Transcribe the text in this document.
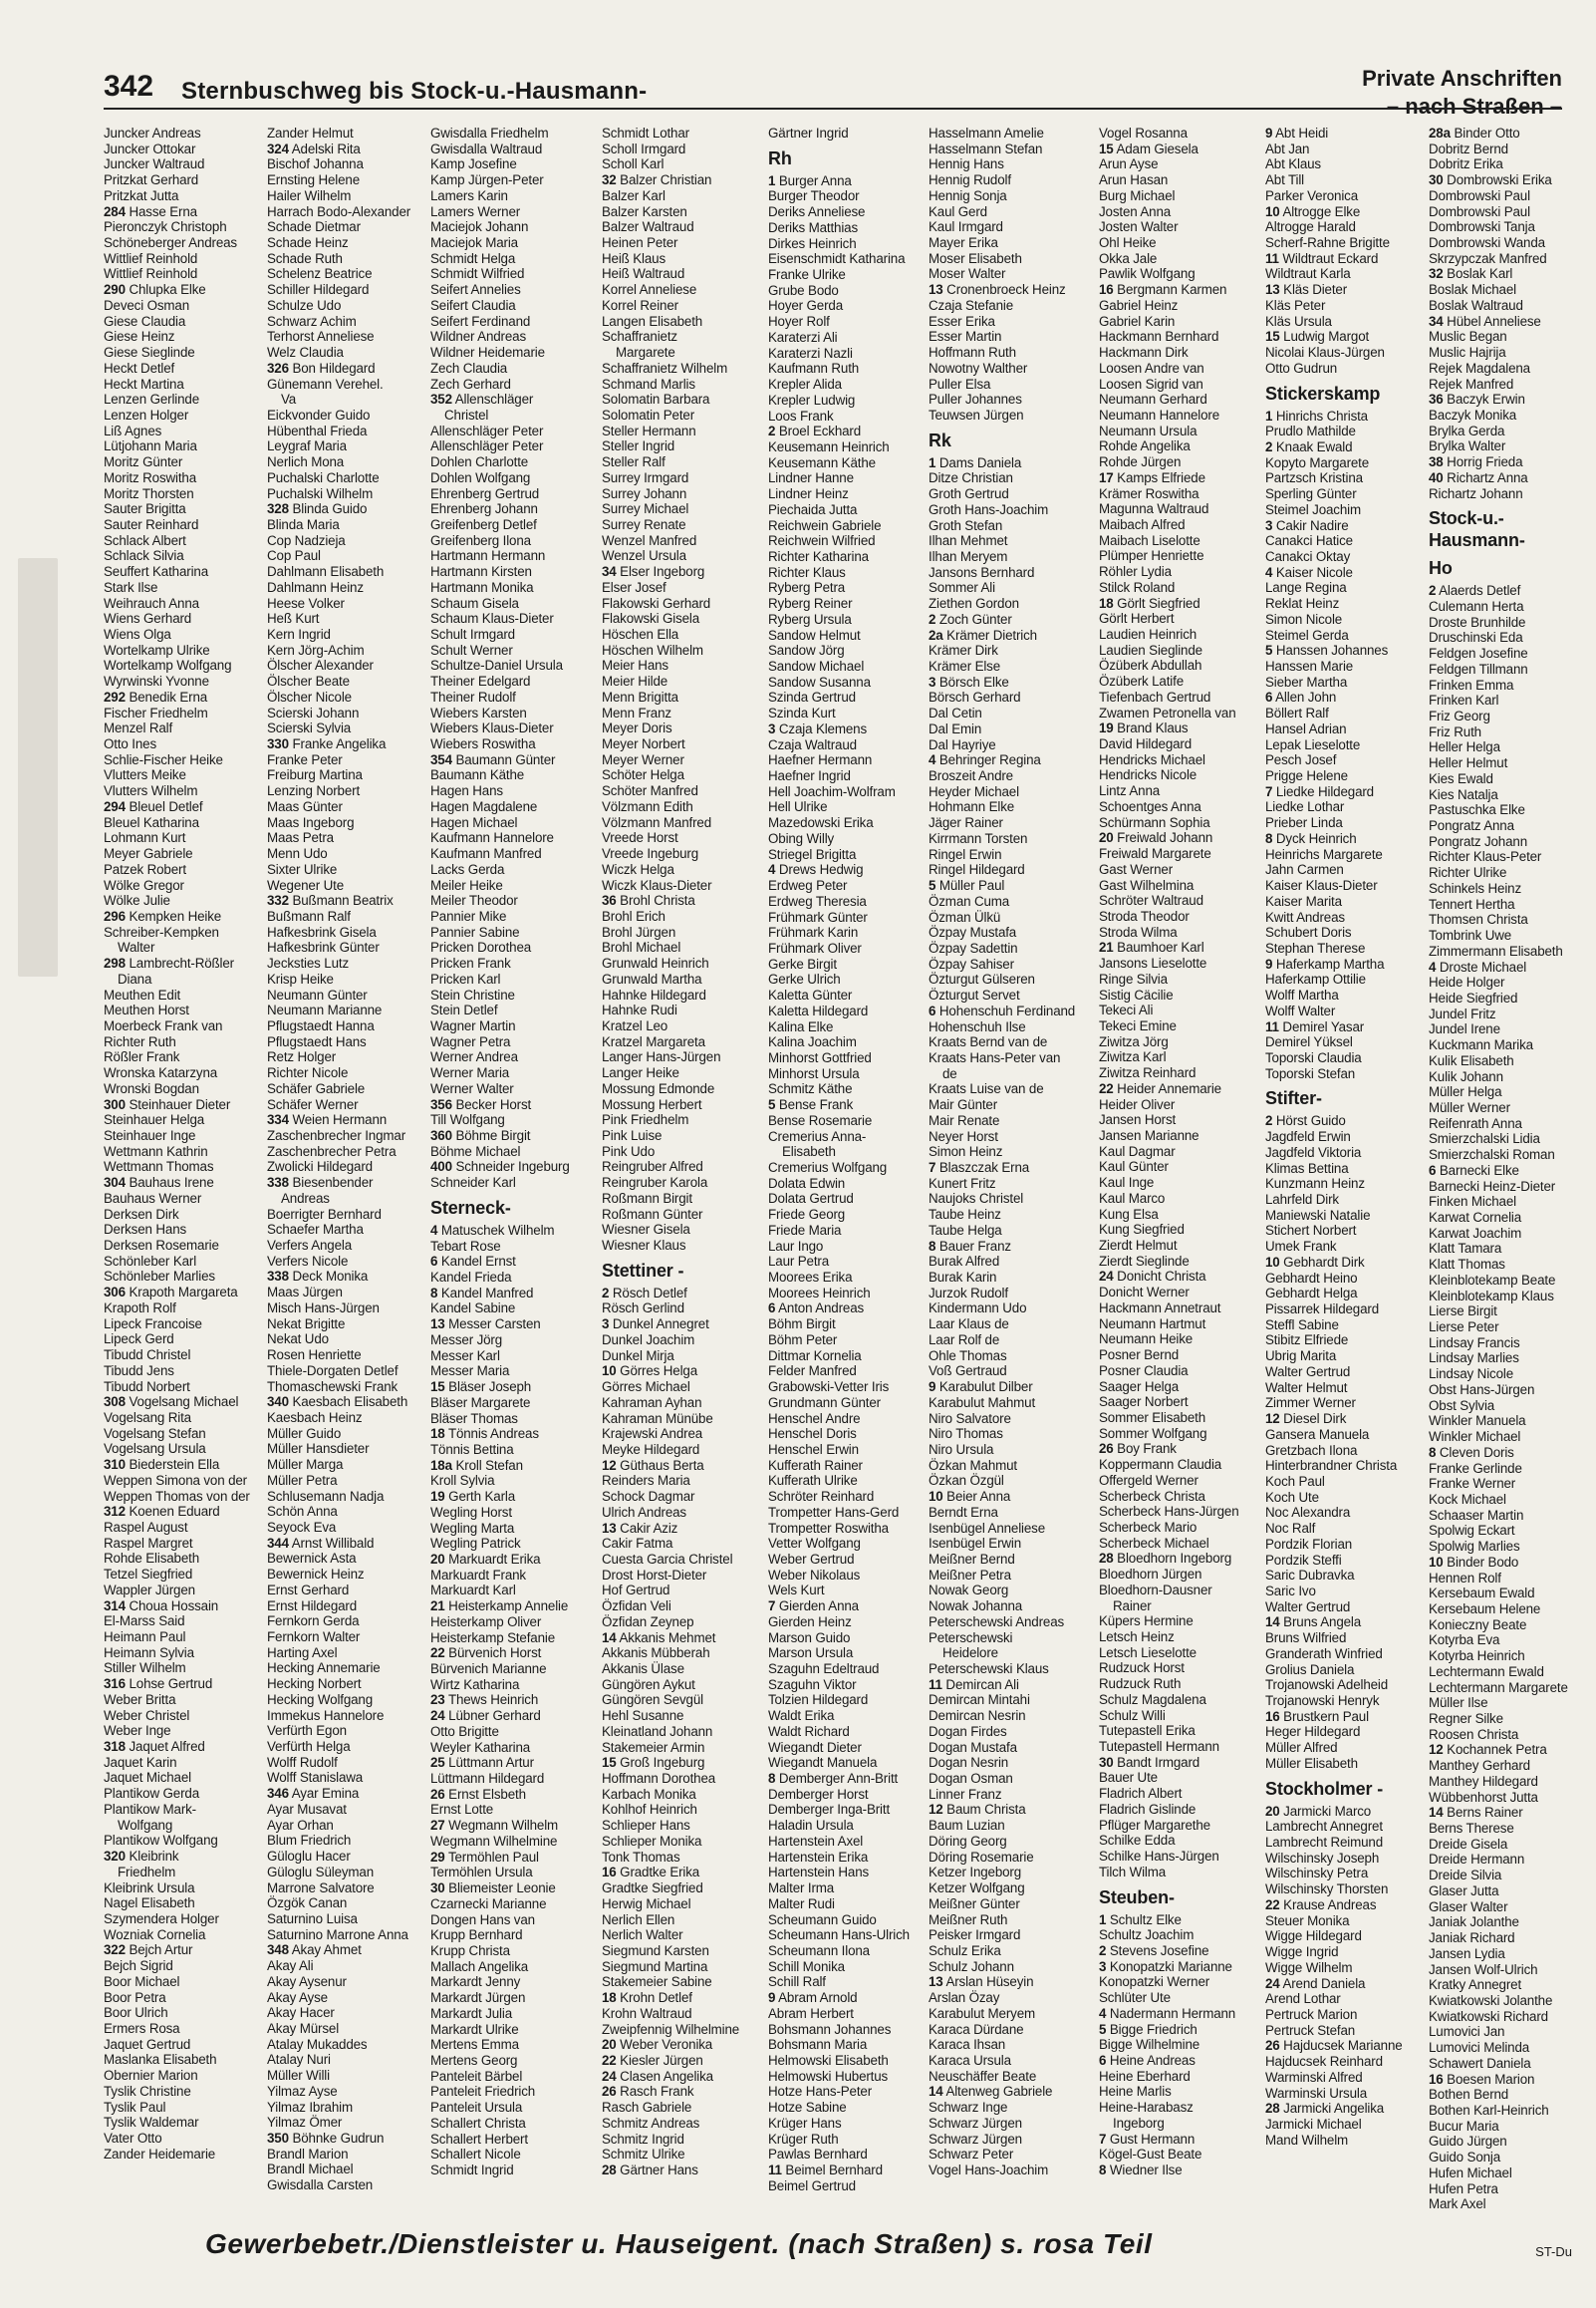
342 Sternbuschweg bis Stock-u.-Hausmann-	Private Anschriften
– nach Straßen –
Juncker Andreas
Juncker Ottokar
Juncker Waltraud
Pritzkat Gerhard
Pritzkat Jutta
284 Hasse Erna
Pieronczyk Christoph
Schöneberger Andreas
Wittlief Reinhold
Wittlief Reinhold
290 Chlupka Elke
Deveci Osman
Giese Claudia
Giese Heinz
Giese Sieglinde
Heckt Detlef
Heckt Martina
Lenzen Gerlinde
Lenzen Holger
Liß Agnes
Lütjohann Maria
Moritz Günter
Moritz Roswitha
Moritz Thorsten
Sauter Brigitta
Sauter Reinhard
Schlack Albert
Schlack Silvia
Seuffert Katharina
Stark Ilse
Weihrauch Anna
Wiens Gerhard
Wiens Olga
Wortelkamp Ulrike
Wortelkamp Wolfgang
Wyrwinski Yvonne
292 Benedik Erna
Fischer Friedhelm
Menzel Ralf
Otto Ines
Schlie-Fischer Heike
Vlutters Meike
Vlutters Wilhelm
294 Bleuel Detlef
Bleuel Katharina
Lohmann Kurt
Meyer Gabriele
Patzek Robert
Wölke Gregor
Wölke Julie
296 Kempken Heike
Schreiber-Kempken
Walter
298 Lambrecht-Rößler
Diana
Meuthen Edit
Meuthen Horst
Moerbeck Frank van
Richter Ruth
Rößler Frank
Wronska Katarzyna
Wronski Bogdan
300 Steinhauer Dieter
Steinhauer Helga
Steinhauer Inge
Wettmann Kathrin
Wettmann Thomas
304 Bauhaus Irene
Bauhaus Werner
Derksen Dirk
Derksen Hans
Derksen Rosemarie
Schönleber Karl
Schönleber Marlies
306 Krapoth Margareta
Krapoth Rolf
Lipeck Francoise
Lipeck Gerd
Tibudd Christel
Tibudd Jens
Tibudd Norbert
308 Vogelsang Michael
Vogelsang Rita
Vogelsang Stefan
Vogelsang Ursula
310 Biederstein Ella
Weppen Simona von der
Weppen Thomas von der
312 Koenen Eduard
Raspel August
Raspel Margret
Rohde Elisabeth
Tetzel Siegfried
Wappler Jürgen
314 Choua Hossain
El-Marss Said
Heimann Paul
Heimann Sylvia
Stiller Wilhelm
316 Lohse Gertrud
Weber Britta
Weber Christel
Weber Inge
318 Jaquet Alfred
Jaquet Karin
Jaquet Michael
Plantikow Gerda
Plantikow Mark-
Wolfgang
Plantikow Wolfgang
320 Kleibrink
Friedhelm
Kleibrink Ursula
Nagel Elisabeth
Szymendera Holger
Wozniak Cornelia
322 Bejch Artur
Bejch Sigrid
Boor Michael
Boor Petra
Boor Ulrich
Ermers Rosa
Jaquet Gertrud
Maslanka Elisabeth
Obernier Marion
Tyslik Christine
Tyslik Paul
Tyslik Waldemar
Vater Otto
Zander Heidemarie
Zander Helmut
324 Adelski Rita
Bischof Johanna
Ernsting Helene
Hailer Wilhelm
Harrach Bodo-Alexander
Schade Dietmar
Schade Heinz
Schade Ruth
Schelenz Beatrice
Schiller Hildegard
Schulze Udo
Schwarz Achim
Terhorst Anneliese
Welz Claudia
326 Bon Hildegard
Günemann Verehel.
Va
Eickvonder Guido
Hübenthal Frieda
Leygraf Maria
Nerlich Mona
Puchalski Charlotte
Puchalski Wilhelm
328 Blinda Guido
Blinda Maria
Cop Nadzieja
Cop Paul
Dahlmann Elisabeth
Dahlmann Heinz
Heese Volker
Heß Kurt
Kern Ingrid
Kern Jörg-Achim
Ölscher Alexander
Ölscher Beate
Ölscher Nicole
Scierski Johann
Scierski Sylvia
330 Franke Angelika
Franke Peter
Freiburg Martina
Lenzing Norbert
Maas Günter
Maas Ingeborg
Maas Petra
Menn Udo
Sixter Ulrike
Wegener Ute
332 Bußmann Beatrix
Bußmann Ralf
Hafkesbrink Gisela
Hafkesbrink Günter
Jecksties Lutz
Krisp Heike
Neumann Günter
Neumann Marianne
Pflugstaedt Hanna
Pflugstaedt Hans
Retz Holger
Richter Nicole
Schäfer Gabriele
Schäfer Werner
334 Weien Hermann
Zaschenbrecher Ingmar
Zaschenbrecher Petra
Zwolicki Hildegard
338 Biesenbender
Andreas
Boerrigter Bernhard
Schaefer Martha
Verfers Angela
Verfers Nicole
338 Deck Monika
Maas Jürgen
Misch Hans-Jürgen
Nekat Brigitte
Nekat Udo
Rosen Henriette
Thiele-Dorgaten Detlef
Thomaschewski Frank
340 Kaesbach Elisabeth
Kaesbach Heinz
Müller Guido
Müller Hansdieter
Müller Marga
Müller Petra
Schlusemann Nadja
Schön Anna
Seyock Eva
344 Arnst Willibald
Bewernick Asta
Bewernick Heinz
Ernst Gerhard
Ernst Hildegard
Fernkorn Gerda
Fernkorn Walter
Harting Axel
Hecking Annemarie
Hecking Norbert
Hecking Wolfgang
Immekus Hannelore
Verfürth Egon
Verfürth Helga
Wolff Rudolf
Wolff Stanislawa
346 Ayar Emina
Ayar Musavat
Ayar Orhan
Blum Friedrich
Güloglu Hacer
Güloglu Süleyman
Marrone Salvatore
Özgök Canan
Saturnino Luisa
Saturnino Marrone Anna
348 Akay Ahmet
Akay Ali
Akay Aysenur
Akay Ayse
Akay Hacer
Akay Mürsel
Atalay Mukaddes
Atalay Nuri
Müller Willi
Yilmaz Ayse
Yilmaz Ibrahim
Yilmaz Ömer
350 Böhnke Gudrun
Brandl Marion
Brandl Michael
Gwisdalla Carsten
Gwisdalla Friedhelm
Gwisdalla Waltraud
Kamp Josefine
Kamp Jürgen-Peter
Lamers Karin
Lamers Werner
Maciejok Johann
Maciejok Maria
Schmidt Helga
Schmidt Wilfried
Seifert Annelies
Seifert Claudia
Seifert Ferdinand
Wildner Andreas
Wildner Heidemarie
Zech Claudia
Zech Gerhard
352 Allenschläger
Christel
Allenschläger Peter
Allenschläger Peter
Dohlen Charlotte
Dohlen Wolfgang
Ehrenberg Gertrud
Ehrenberg Johann
Greifenberg Detlef
Greifenberg Ilona
Hartmann Hermann
Hartmann Kirsten
Hartmann Monika
Schaum Gisela
Schaum Klaus-Dieter
Schult Irmgard
Schult Werner
Schultze-Daniel Ursula
Theiner Edelgard
Theiner Rudolf
Wiebers Karsten
Wiebers Klaus-Dieter
Wiebers Roswitha
354 Baumann Günter
Baumann Käthe
Hagen Hans
Hagen Magdalene
Hagen Michael
Kaufmann Hannelore
Kaufmann Manfred
Lacks Gerda
Meiler Heike
Meiler Theodor
Pannier Mike
Pannier Sabine
Pricken Dorothea
Pricken Frank
Pricken Karl
Stein Christine
Stein Detlef
Wagner Martin
Wagner Petra
Werner Andrea
Werner Maria
Werner Walter
356 Becker Horst
Till Wolfgang
360 Böhme Birgit
Böhme Michael
400 Schneider Ingeburg
Schneider Karl
Sterneck-
4 Matuschek Wilhelm
Tebart Rose
6 Kandel Ernst
Kandel Frieda
8 Kandel Manfred
Kandel Sabine
13 Messer Carsten
Messer Jörg
Messer Karl
Messer Maria
15 Bläser Joseph
Bläser Margarete
Bläser Thomas
18 Tönnis Andreas
Tönnis Bettina
18a Kroll Stefan
Kroll Sylvia
19 Gerth Karla
Wegling Horst
Wegling Marta
Wegling Patrick
20 Markuardt Erika
Markuardt Frank
Markuardt Karl
21 Heisterkamp Annelie
Heisterkamp Oliver
Heisterkamp Stefanie
22 Bürvenich Horst
Bürvenich Marianne
Wirtz Katharina
23 Thews Heinrich
24 Lübner Gerhard
Otto Brigitte
Weyler Katharina
25 Lüttmann Artur
Lüttmann Hildegard
26 Ernst Elsbeth
Ernst Lotte
27 Wegmann Wilhelm
Wegmann Wilhelmine
29 Termöhlen Paul
Termöhlen Ursula
30 Bliemeister Leonie
Czarnecki Marianne
Dongen Hans van
Krupp Bernhard
Krupp Christa
Mallach Angelika
Markardt Jenny
Markardt Jürgen
Markardt Julia
Markardt Ulrike
Mertens Emma
Mertens Georg
Panteleit Bärbel
Panteleit Friedrich
Panteleit Ursula
Schallert Christa
Schallert Herbert
Schallert Nicole
Schmidt Ingrid
Schmidt Lothar
Scholl Irmgard
Scholl Karl
32 Balzer Christian
Balzer Karl
Balzer Karsten
Balzer Waltraud
Heinen Peter
Heiß Klaus
Heiß Waltraud
Korrel Anneliese
Korrel Reiner
Langen Elisabeth
Schaffranietz
Margarete
Schaffranietz Wilhelm
Schmand Marlis
Solomatin Barbara
Solomatin Peter
Steller Hermann
Steller Ingrid
Steller Ralf
Surrey Irmgard
Surrey Johann
Surrey Michael
Surrey Renate
Wenzel Manfred
Wenzel Ursula
34 Elser Ingeborg
Elser Josef
Flakowski Gerhard
Flakowski Gisela
Höschen Ella
Höschen Wilhelm
Meier Hans
Meier Hilde
Menn Brigitta
Menn Franz
Meyer Doris
Meyer Norbert
Meyer Werner
Schöter Helga
Schöter Manfred
Völzmann Edith
Völzmann Manfred
Vreede Horst
Vreede Ingeburg
Wiczk Helga
Wiczk Klaus-Dieter
36 Brohl Christa
Brohl Erich
Brohl Jürgen
Brohl Michael
Grunwald Heinrich
Grunwald Martha
Hahnke Hildegard
Hahnke Rudi
Kratzel Leo
Kratzel Margareta
Langer Hans-Jürgen
Langer Heike
Mossung Edmonde
Mossung Herbert
Pink Friedhelm
Pink Luise
Pink Udo
Reingruber Alfred
Reingruber Karola
Roßmann Birgit
Roßmann Günter
Wiesner Gisela
Wiesner Klaus
Stettiner -
2 Rösch Detlef
Rösch Gerlind
3 Dunkel Annegret
Dunkel Joachim
Dunkel Mirja
10 Görres Helga
Görres Michael
Kahraman Ayhan
Kahraman Münübe
Krajewski Andrea
Meyke Hildegard
12 Güthaus Berta
Reinders Maria
Schock Dagmar
Ulrich Andreas
13 Cakir Aziz
Cakir Fatma
Cuesta Garcia Christel
Drost Horst-Dieter
Hof Gertrud
Özfidan Veli
Özfidan Zeynep
14 Akkanis Mehmet
Akkanis Mübberah
Akkanis Ülase
Güngören Aykut
Güngören Sevgül
Hehl Susanne
Kleinatland Johann
Stakemeier Armin
15 Groß Ingeburg
Hoffmann Dorothea
Karbach Monika
Kohlhof Heinrich
Schlieper Hans
Schlieper Monika
Tonk Thomas
16 Gradtke Erika
Gradtke Siegfried
Herwig Michael
Nerlich Ellen
Nerlich Walter
Siegmund Karsten
Siegmund Martina
Stakemeier Sabine
18 Krohn Detlef
Krohn Waltraud
Zweipfennig Wilhelmine
20 Weber Veronika
22 Kiesler Jürgen
24 Clasen Angelika
26 Rasch Frank
Rasch Gabriele
Schmitz Andreas
Schmitz Ingrid
Schmitz Ulrike
28 Gärtner Hans
Gärtner Ingrid
Rh
1 Burger Anna
Burger Theodor
Deriks Anneliese
Deriks Matthias
Dirkes Heinrich
Eisenschmidt Katharina
Franke Ulrike
Grube Bodo
Hoyer Gerda
Hoyer Rolf
Karaterzi Ali
Karaterzi Nazli
Kaufmann Ruth
Krepler Alida
Krepler Ludwig
Loos Frank
2 Broel Eckhard
Keusemann Heinrich
Keusemann Käthe
Lindner Hanne
Lindner Heinz
Piechaida Jutta
Reichwein Gabriele
Reichwein Wilfried
Richter Katharina
Richter Klaus
Ryberg Petra
Ryberg Reiner
Ryberg Ursula
Sandow Helmut
Sandow Jörg
Sandow Michael
Sandow Susanna
Szinda Gertrud
Szinda Kurt
3 Czaja Klemens
Czaja Waltraud
Haefner Hermann
Haefner Ingrid
Hell Joachim-Wolfram
Hell Ulrike
Mazedowski Erika
Obing Willy
Striegel Brigitta
4 Drews Hedwig
Erdweg Peter
Erdweg Theresia
Frühmark Günter
Frühmark Karin
Frühmark Oliver
Gerke Birgit
Gerke Ulrich
Kaletta Günter
Kaletta Hildegard
Kalina Elke
Kalina Joachim
Minhorst Gottfried
Minhorst Ursula
Schmitz Käthe
5 Bense Frank
Bense Rosemarie
Cremerius Anna-
Elisabeth
Cremerius Wolfgang
Dolata Edwin
Dolata Gertrud
Friede Georg
Friede Maria
Laur Ingo
Laur Petra
Moorees Erika
Moorees Heinrich
6 Anton Andreas
Böhm Birgit
Böhm Peter
Dittmar Kornelia
Felder Manfred
Grabowski-Vetter Iris
Grundmann Günter
Henschel Andre
Henschel Doris
Henschel Erwin
Kufferath Rainer
Kufferath Ulrike
Schröter Reinhard
Trompetter Hans-Gerd
Trompetter Roswitha
Vetter Wolfgang
Weber Gertrud
Weber Nikolaus
Wels Kurt
7 Gierden Anna
Gierden Heinz
Marson Guido
Marson Ursula
Szaguhn Edeltraud
Szaguhn Viktor
Tolzien Hildegard
Waldt Erika
Waldt Richard
Wiegandt Dieter
Wiegandt Manuela
8 Demberger Ann-Britt
Demberger Horst
Demberger Inga-Britt
Haladin Ursula
Hartenstein Axel
Hartenstein Erika
Hartenstein Hans
Malter Irma
Malter Rudi
Scheumann Guido
Scheumann Hans-Ulrich
Scheumann Ilona
Schill Monika
Schill Ralf
9 Abram Arnold
Abram Herbert
Bohsmann Johannes
Bohsmann Maria
Helmowski Elisabeth
Helmowski Hubertus
Hotze Hans-Peter
Hotze Sabine
Krüger Hans
Krüger Ruth
Pawlas Bernhard
11 Beimel Bernhard
Beimel Gertrud
Hasselmann Amelie
Hasselmann Stefan
Hennig Hans
Hennig Rudolf
Hennig Sonja
Kaul Gerd
Kaul Irmgard
Mayer Erika
Moser Elisabeth
Moser Walter
13 Cronenbroeck Heinz
Czaja Stefanie
Esser Erika
Esser Martin
Hoffmann Ruth
Nowotny Walther
Puller Elsa
Puller Johannes
Teuwsen Jürgen
Rk
1 Dams Daniela
Ditze Christian
Groth Gertrud
Groth Hans-Joachim
Groth Stefan
Ilhan Mehmet
Ilhan Meryem
Jansons Bernhard
Sommer Ali
Ziethen Gordon
2 Zoch Günter
2a Krämer Dietrich
Krämer Dirk
Krämer Else
3 Börsch Elke
Börsch Gerhard
Dal Cetin
Dal Emin
Dal Hayriye
4 Behringer Regina
Broszeit Andre
Heyder Michael
Hohmann Elke
Jäger Rainer
Kirrmann Torsten
Ringel Erwin
Ringel Hildegard
5 Müller Paul
Özman Cuma
Özman Ülkü
Özpay Mustafa
Özpay Sadettin
Özpay Sahiser
Özturgut Gülseren
Özturgut Servet
6 Hohenschuh Ferdinand
Hohenschuh Ilse
Kraats Bernd van de
Kraats Hans-Peter van
de
Kraats Luise van de
Mair Günter
Mair Renate
Neyer Horst
Simon Heinz
7 Blaszczak Erna
Kunert Fritz
Naujoks Christel
Taube Heinz
Taube Helga
8 Bauer Franz
Burak Alfred
Burak Karin
Jurzok Rudolf
Kindermann Udo
Laar Klaus de
Laar Rolf de
Ohle Thomas
Voß Gertraud
9 Karabulut Dilber
Karabulut Mahmut
Niro Salvatore
Niro Thomas
Niro Ursula
Özkan Mahmut
Özkan Özgül
10 Beier Anna
Berndt Erna
Isenbügel Anneliese
Isenbügel Erwin
Meißner Bernd
Meißner Petra
Nowak Georg
Nowak Johanna
Peterschewski Andreas
Peterschewski
Heidelore
Peterschewski Klaus
11 Demircan Ali
Demircan Mintahi
Demircan Nesrin
Dogan Firdes
Dogan Mustafa
Dogan Nesrin
Dogan Osman
Linner Franz
12 Baum Christa
Baum Luzian
Döring Georg
Döring Rosemarie
Ketzer Ingeborg
Ketzer Wolfgang
Meißner Günter
Meißner Ruth
Peisker Irmgard
Schulz Erika
Schulz Johann
13 Arslan Hüseyin
Arslan Özay
Karabulut Meryem
Karaca Dürdane
Karaca Ihsan
Karaca Ursula
Neuschäffer Beate
14 Altenweg Gabriele
Schwarz Inge
Schwarz Jürgen
Schwarz Jürgen
Schwarz Peter
Vogel Hans-Joachim
Vogel Rosanna
15 Adam Giesela
Arun Ayse
Arun Hasan
Burg Michael
Josten Anna
Josten Walter
Ohl Heike
Okka Jale
Pawlik Wolfgang
16 Bergmann Karmen
Gabriel Heinz
Gabriel Karin
Hackmann Bernhard
Hackmann Dirk
Loosen Andre van
Loosen Sigrid van
Neumann Gerhard
Neumann Hannelore
Neumann Ursula
Rohde Angelika
Rohde Jürgen
17 Kamps Elfriede
Krämer Roswitha
Magunna Waltraud
Maibach Alfred
Maibach Liselotte
Plümper Henriette
Röhler Lydia
Stilck Roland
18 Görlt Siegfried
Görlt Herbert
Laudien Heinrich
Laudien Sieglinde
Özüberk Abdullah
Özüberk Latife
Tiefenbach Gertrud
Zwamen Petronella van
19 Brand Klaus
David Hildegard
Hendricks Michael
Hendricks Nicole
Lintz Anna
Schoentges Anna
Schürmann Sophia
20 Freiwald Johann
Freiwald Margarete
Gast Werner
Gast Wilhelmina
Schröter Waltraud
Stroda Theodor
Stroda Wilma
21 Baumhoer Karl
Jansons Lieselotte
Ringe Silvia
Sistig Cäcilie
Tekeci Ali
Tekeci Emine
Ziwitza Jörg
Ziwitza Karl
Ziwitza Reinhard
22 Heider Annemarie
Heider Oliver
Jansen Horst
Jansen Marianne
Kaul Dagmar
Kaul Günter
Kaul Inge
Kaul Marco
Kung Elsa
Kung Siegfried
Zierdt Helmut
Zierdt Sieglinde
24 Donicht Christa
Donicht Werner
Hackmann Annetraut
Neumann Hartmut
Neumann Heike
Posner Bernd
Posner Claudia
Saager Helga
Saager Norbert
Sommer Elisabeth
Sommer Wolfgang
26 Boy Frank
Koppermann Claudia
Offergeld Werner
Scherbeck Christa
Scherbeck Hans-Jürgen
Scherbeck Mario
Scherbeck Michael
28 Bloedhorn Ingeborg
Bloedhorn Jürgen
Bloedhorn-Dausner
Rainer
Küpers Hermine
Letsch Heinz
Letsch Lieselotte
Rudzuck Horst
Rudzuck Ruth
Schulz Magdalena
Schulz Willi
Tutepastell Erika
Tutepastell Hermann
30 Bandt Irmgard
Bauer Ute
Fladrich Albert
Fladrich Gislinde
Pflüger Margarethe
Schilke Edda
Schilke Hans-Jürgen
Tilch Wilma
Steuben-
1 Schultz Elke
Schultz Joachim
2 Stevens Josefine
3 Konopatzki Marianne
Konopatzki Werner
Schlüter Ute
4 Nadermann Hermann
5 Bigge Friedrich
Bigge Wilhelmine
6 Heine Andreas
Heine Eberhard
Heine Marlis
Heine-Harabasz
Ingeborg
7 Gust Hermann
Kögel-Gust Beate
8 Wiedner Ilse
9 Abt Heidi
Abt Jan
Abt Klaus
Abt Till
Parker Veronica
10 Altrogge Elke
Altrogge Harald
Scherf-Rahne Brigitte
11 Wildtraut Eckard
Wildtraut Karla
13 Kläs Dieter
Kläs Peter
Kläs Ursula
15 Ludwig Margot
Nicolai Klaus-Jürgen
Otto Gudrun
Stickerskamp
1 Hinrichs Christa
Prudlo Mathilde
2 Knaak Ewald
Kopyto Margarete
Partzsch Kristina
Sperling Günter
Steimel Joachim
3 Cakir Nadire
Canakci Hatice
Canakci Oktay
4 Kaiser Nicole
Lange Regina
Reklat Heinz
Simon Nicole
Steimel Gerda
5 Hanssen Johannes
Hanssen Marie
Sieber Martha
6 Allen John
Böllert Ralf
Hansel Adrian
Lepak Lieselotte
Pesch Josef
Prigge Helene
7 Liedke Hildegard
Liedke Lothar
Prieber Linda
8 Dyck Heinrich
Heinrichs Margarete
Jahn Carmen
Kaiser Klaus-Dieter
Kaiser Marita
Kwitt Andreas
Schubert Doris
Stephan Therese
9 Haferkamp Martha
Haferkamp Ottilie
Wolff Martha
Wolff Walter
11 Demirel Yasar
Demirel Yüksel
Toporski Claudia
Toporski Stefan
Stifter-
2 Hörst Guido
Jagdfeld Erwin
Jagdfeld Viktoria
Klimas Bettina
Kunzmann Heinz
Lahrfeld Dirk
Maniewski Natalie
Stichert Norbert
Umek Frank
10 Gebhardt Dirk
Gebhardt Heino
Gebhardt Helga
Pissarrek Hildegard
Steffl Sabine
Stibitz Elfriede
Ubrig Marita
Walter Gertrud
Walter Helmut
Zimmer Werner
12 Diesel Dirk
Gansera Manuela
Gretzbach Ilona
Hinterbrandner Christa
Koch Paul
Koch Ute
Noc Alexandra
Noc Ralf
Pordzik Florian
Pordzik Steffi
Saric Dubravka
Saric Ivo
Walter Gertrud
14 Bruns Angela
Bruns Wilfried
Granderath Winfried
Grolius Daniela
Trojanowski Adelheid
Trojanowski Henryk
16 Brustkern Paul
Heger Hildegard
Müller Alfred
Müller Elisabeth
Stockholmer -
20 Jarmicki Marco
Lambrecht Annegret
Lambrecht Reimund
Wilschinsky Joseph
Wilschinsky Petra
Wilschinsky Thorsten
22 Krause Andreas
Steuer Monika
Wigge Hildegard
Wigge Ingrid
Wigge Wilhelm
24 Arend Daniela
Arend Lothar
Pertruck Marion
Pertruck Stefan
26 Hajducsek Marianne
Hajducsek Reinhard
Warminski Alfred
Warminski Ursula
28 Jarmicki Angelika
Jarmicki Michael
Mand Wilhelm
28a Binder Otto
Dobritz Bernd
Dobritz Erika
30 Dombrowski Erika
Dombrowski Paul
Dombrowski Paul
Dombrowski Tanja
Dombrowski Wanda
Skrzypczak Manfred
32 Boslak Karl
Boslak Michael
Boslak Waltraud
34 Hübel Anneliese
Muslic Began
Muslic Hajrija
Rejek Magdalena
Rejek Manfred
36 Baczyk Erwin
Baczyk Monika
Brylka Gerda
Brylka Walter
38 Horrig Frieda
40 Richartz Anna
Richartz Johann
Stock-u.-Hausmann-
Ho
2 Alaerds Detlef
Culemann Herta
Droste Brunhilde
Druschinski Eda
Feldgen Josefine
Feldgen Tillmann
Frinken Emma
Frinken Karl
Friz Georg
Friz Ruth
Heller Helga
Heller Helmut
Kies Ewald
Kies Natalja
Pastuschka Elke
Pongratz Anna
Pongratz Johann
Richter Klaus-Peter
Richter Ulrike
Schinkels Heinz
Tennert Hertha
Thomsen Christa
Tombrink Uwe
Zimmermann Elisabeth
4 Droste Michael
Heide Holger
Heide Siegfried
Jundel Fritz
Jundel Irene
Kuckmann Marika
Kulik Elisabeth
Kulik Johann
Müller Helga
Müller Werner
Reifenrath Anna
Smierzchalski Lidia
Smierzchalski Roman
6 Barnecki Elke
Barnecki Heinz-Dieter
Finken Michael
Karwat Cornelia
Karwat Joachim
Klatt Tamara
Klatt Thomas
Kleinblotekamp Beate
Kleinblotekamp Klaus
Lierse Birgit
Lierse Peter
Lindsay Francis
Lindsay Marlies
Lindsay Nicole
Obst Hans-Jürgen
Obst Sylvia
Winkler Manuela
Winkler Michael
8 Cleven Doris
Franke Gerlinde
Franke Werner
Kock Michael
Schaaser Martin
Spolwig Eckart
Spolwig Marlies
10 Binder Bodo
Hennen Rolf
Kersebaum Ewald
Kersebaum Helene
Konieczny Beate
Kotyrba Eva
Kotyrba Heinrich
Lechtermann Ewald
Lechtermann Margarete
Müller Ilse
Regner Silke
Roosen Christa
12 Kochannek Petra
Manthey Gerhard
Manthey Hildegard
Wübbenhorst Jutta
14 Berns Rainer
Berns Therese
Dreide Gisela
Dreide Hermann
Dreide Silvia
Glaser Jutta
Glaser Walter
Janiak Jolanthe
Janiak Richard
Jansen Lydia
Jansen Wolf-Ulrich
Kratky Annegret
Kwiatkowski Jolanthe
Kwiatkowski Richard
Lumovici Jan
Lumovici Melinda
Schawert Daniela
16 Boesen Marion
Bothen Bernd
Bothen Karl-Heinrich
Bucur Maria
Guido Jürgen
Guido Sonja
Hufen Michael
Hufen Petra
Mark Axel
Gewerbebetr./Dienstleister u. Hauseigent. (nach Straßen) s. rosa Teil	ST-Du
